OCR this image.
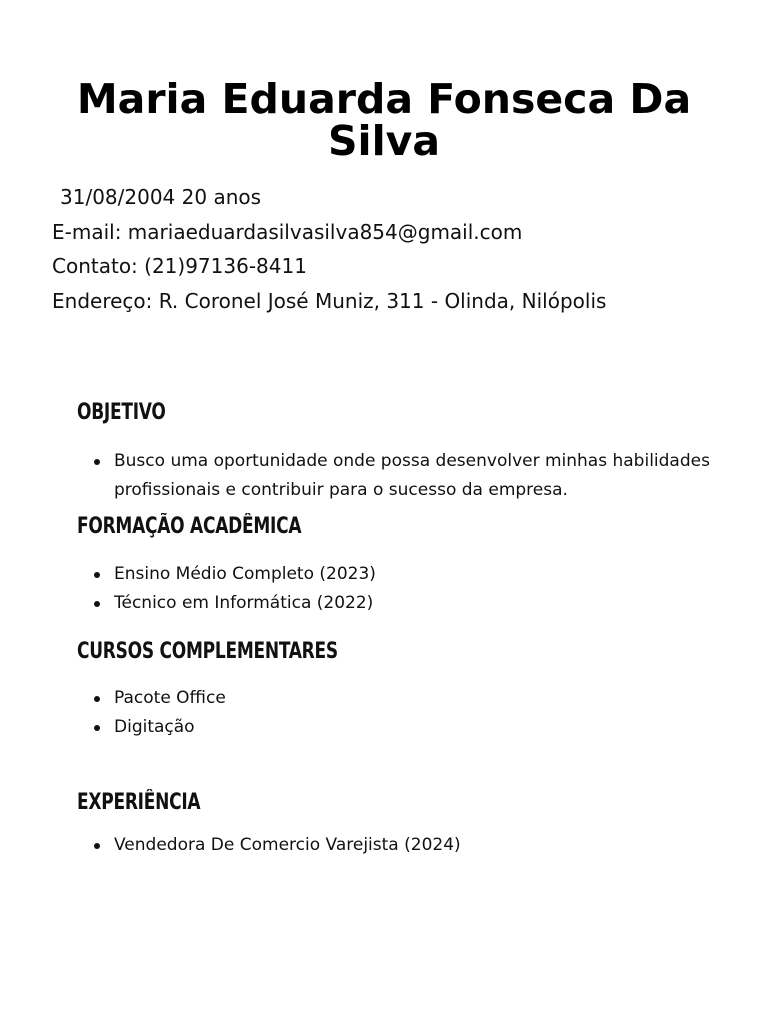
Maria Eduarda Fonseca Da Silva
31/08/2004 20 anos
E-mail: mariaeduardasilvasilva854@gmail.com
Contato: (21)97136-8411
Endereço: R. Coronel José Muniz, 311 - Olinda, Nilópolis
OBJETIVO
Busco uma oportunidade onde possa desenvolver minhas habilidades profissionais e contribuir para o sucesso da empresa.
FORMAÇÃO ACADÊMICA
Ensino Médio Completo (2023)
Técnico em Informática (2022)
CURSOS COMPLEMENTARES
Pacote Office
Digitação
EXPERIÊNCIA
Vendedora De Comercio Varejista (2024)
